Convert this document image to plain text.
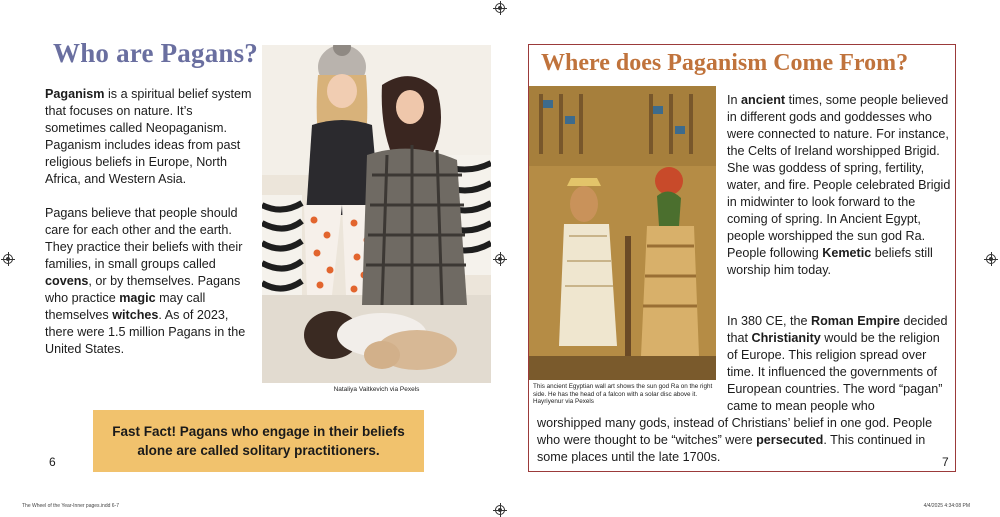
Who are Pagans?

Paganism is a spiritual belief system that focuses on nature. It’s sometimes called Neopaganism. Paganism includes ideas from past religious beliefs in Europe, North Africa, and Western Asia.

Pagans believe that people should care for each other and the earth. They practice their beliefs with their families, in small groups called covens, or by themselves. Pagans who practice magic may call themselves witches. As of 2023, there were 1.5 million Pagans in the United States.

Nataliya Vaitkevich via Pexels

Fast Fact! Pagans who engage in their beliefs alone are called solitary practitioners.

6
The Wheel of the Year-Inner pages.indd 6-7
Where does Paganism Come From?
This ancient Egyptian wall art shows the sun god Ra on the right side. He has the head of a falcon with a solar disc above it. Hayriyenur via Pexels

In ancient times, some people believed in different gods and goddesses who were connected to nature. For instance, the Celts of Ireland worshipped Brigid. She was goddess of spring, fertility, water, and fire. People celebrated Brigid in midwinter to look forward to the coming of spring. In Ancient Egypt, people worshipped the sun god Ra. People following Kemetic beliefs still worship him today.

In 380 CE, the Roman Empire decided that Christianity would be the religion of Europe. This religion spread over time. It influenced the governments of European countries. The word “pagan” came to mean people who

worshipped many gods, instead of Christians’ belief in one god. People who were thought to be “witches” were persecuted. This continued in some places until the late 1700s.	7
4/4/2025 4:34:08 PM
